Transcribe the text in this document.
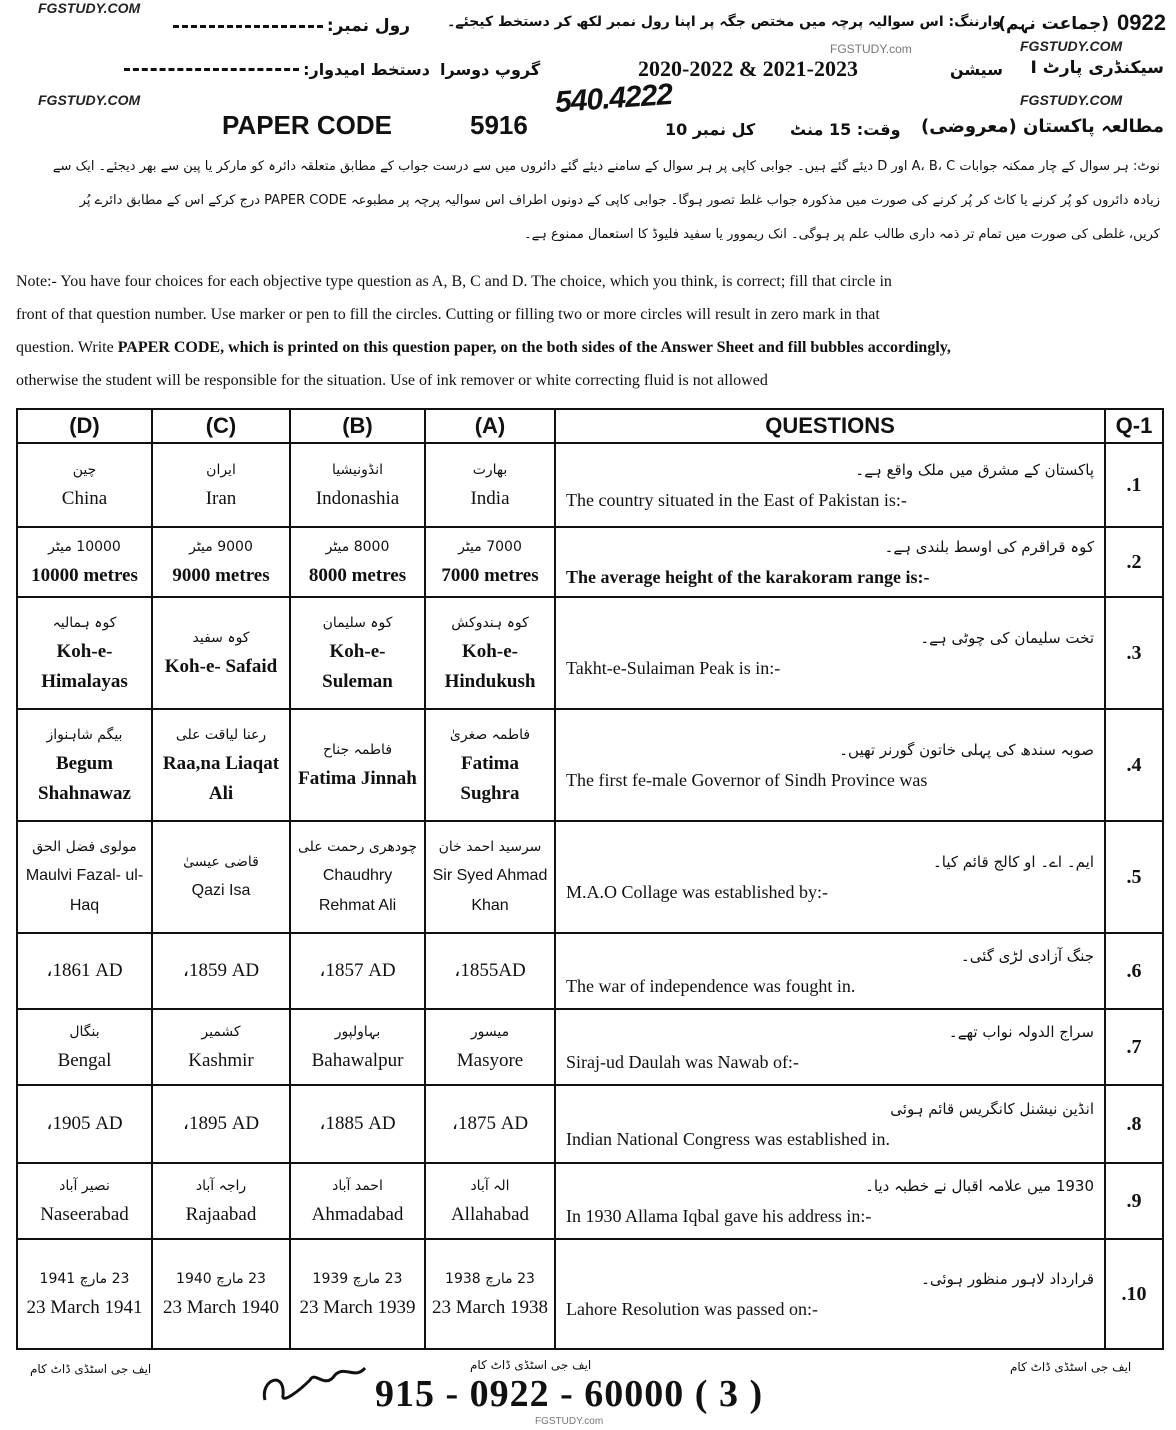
FGSTUDY.COM
FGSTUDY.COM
FGSTUDY.COM
FGSTUDY.COM
FGSTUDY.com
0922
(جماعت نہم)
وارننگ: اس سوالیہ پرچہ میں مختص جگہ پر اپنا رول نمبر لکھ کر دستخط کیجئے۔
رول نمبر:
دستخط امیدوار:	سیکنڈری پارٹ I
سیشن
2020-2022 & 2021-2023
گروپ دوسرا
540.4222
مطالعہ پاکستان (معروضی)
وقت: 15 منٹ
کل نمبر 10
PAPER CODE	5916
نوٹ: ہر سوال کے چار ممکنہ جوابات A، B، C اور D دیئے گئے ہیں۔ جوابی کاپی پر ہر سوال کے سامنے دیئے گئے دائروں میں سے درست جواب کے مطابق متعلقہ دائرہ کو مارکر یا پین سے بھر دیجئے۔ ایک سے
زیادہ دائروں کو پُر کرنے یا کاٹ کر پُر کرنے کی صورت میں مذکورہ جواب غلط تصور ہوگا۔ جوابی کاپی کے دونوں اطراف اس سوالیہ پرچہ پر مطبوعہ PAPER CODE درج کرکے اس کے مطابق دائرے پُر
کریں، غلطی کی صورت میں تمام تر ذمہ داری طالب علم پر ہوگی۔ انک ریموور یا سفید فلیوڈ کا استعمال ممنوع ہے۔
Note:- You have four choices for each objective type question as A, B, C and D. The choice, which you think, is correct; fill that circle in
front of that question number. Use marker or pen to fill the circles. Cutting or filling two or more circles will result in zero mark in that
question. Write PAPER CODE, which is printed on this question paper, on the both sides of the Answer Sheet and fill bubbles accordingly,
otherwise the student will be responsible for the situation. Use of ink remover or white correcting fluid is not allowed
(D)	(C)	(B)	(A)	QUESTIONS	Q-1

چین
China	ایران
Iran	انڈونیشیا
Indonashia	بھارت
India	پاکستان کے مشرق میں ملک واقع ہے۔
The country situated in the East of Pakistan is:-	.1

10000 میٹر
10000 metres	9000 میٹر
9000 metres	8000 میٹر
8000 metres	7000 میٹر
7000 metres	کوہ قراقرم کی اوسط بلندی ہے۔
The average height of the karakoram range is:-	.2

کوہ ہمالیہ
Koh-e- Himalayas	کوہ سفید
Koh-e- Safaid	کوہ سلیمان
Koh-e- Suleman	کوہ ہندوکش
Koh-e- Hindukush	تخت سلیمان کی چوٹی ہے۔
Takht-e-Sulaiman Peak is in:-	.3

بیگم شاہنواز
Begum Shahnawaz	رعنا لیاقت علی
Raa,na Liaqat Ali	فاطمہ جناح
Fatima Jinnah	فاطمہ صغریٰ
Fatima Sughra	صوبہ سندھ کی پہلی خاتون گورنر تھیں۔
The first fe-male Governor of Sindh Province was	.4

مولوی فضل الحق
Maulvi Fazal- ul-Haq	قاضی عیسیٰ
Qazi Isa	چودھری رحمت علی
Chaudhry Rehmat Ali	سرسید احمد خان
Sir Syed Ahmad Khan	ایم۔ اے۔ او کالج قائم کیا۔
M.A.O Collage was established by:-	.5

،1861 AD	،1859 AD	،1857 AD	،1855AD	جنگ آزادی لڑی گئی۔
The war of independence was fought in.	.6

بنگال
Bengal	کشمیر
Kashmir	بہاولپور
Bahawalpur	میسور
Masyore	سراج الدولہ نواب تھے۔
Siraj-ud Daulah was Nawab of:-	.7

،1905 AD	،1895 AD	،1885 AD	،1875 AD	انڈین نیشنل کانگریس قائم ہوئی
Indian National Congress was established in.	.8

نصیر آباد
Naseerabad	راجہ آباد
Rajaabad	احمد آباد
Ahmadabad	الہ آباد
Allahabad	1930 میں علامہ اقبال نے خطبہ دیا۔
In 1930 Allama Iqbal gave his address in:-	.9

23 مارچ 1941
23 March 1941	23 مارچ 1940
23 March 1940	23 مارچ 1939
23 March 1939	23 مارچ 1938
23 March 1938	قرارداد لاہور منظور ہوئی۔
Lahore Resolution was passed on:-	.10
ایف جی اسٹڈی ڈاٹ کام	ایف جی اسٹڈی ڈاٹ کام	ایف جی اسٹڈی ڈاٹ کام
915 - 0922 - 60000 ( 3 )
FGSTUDY.com
